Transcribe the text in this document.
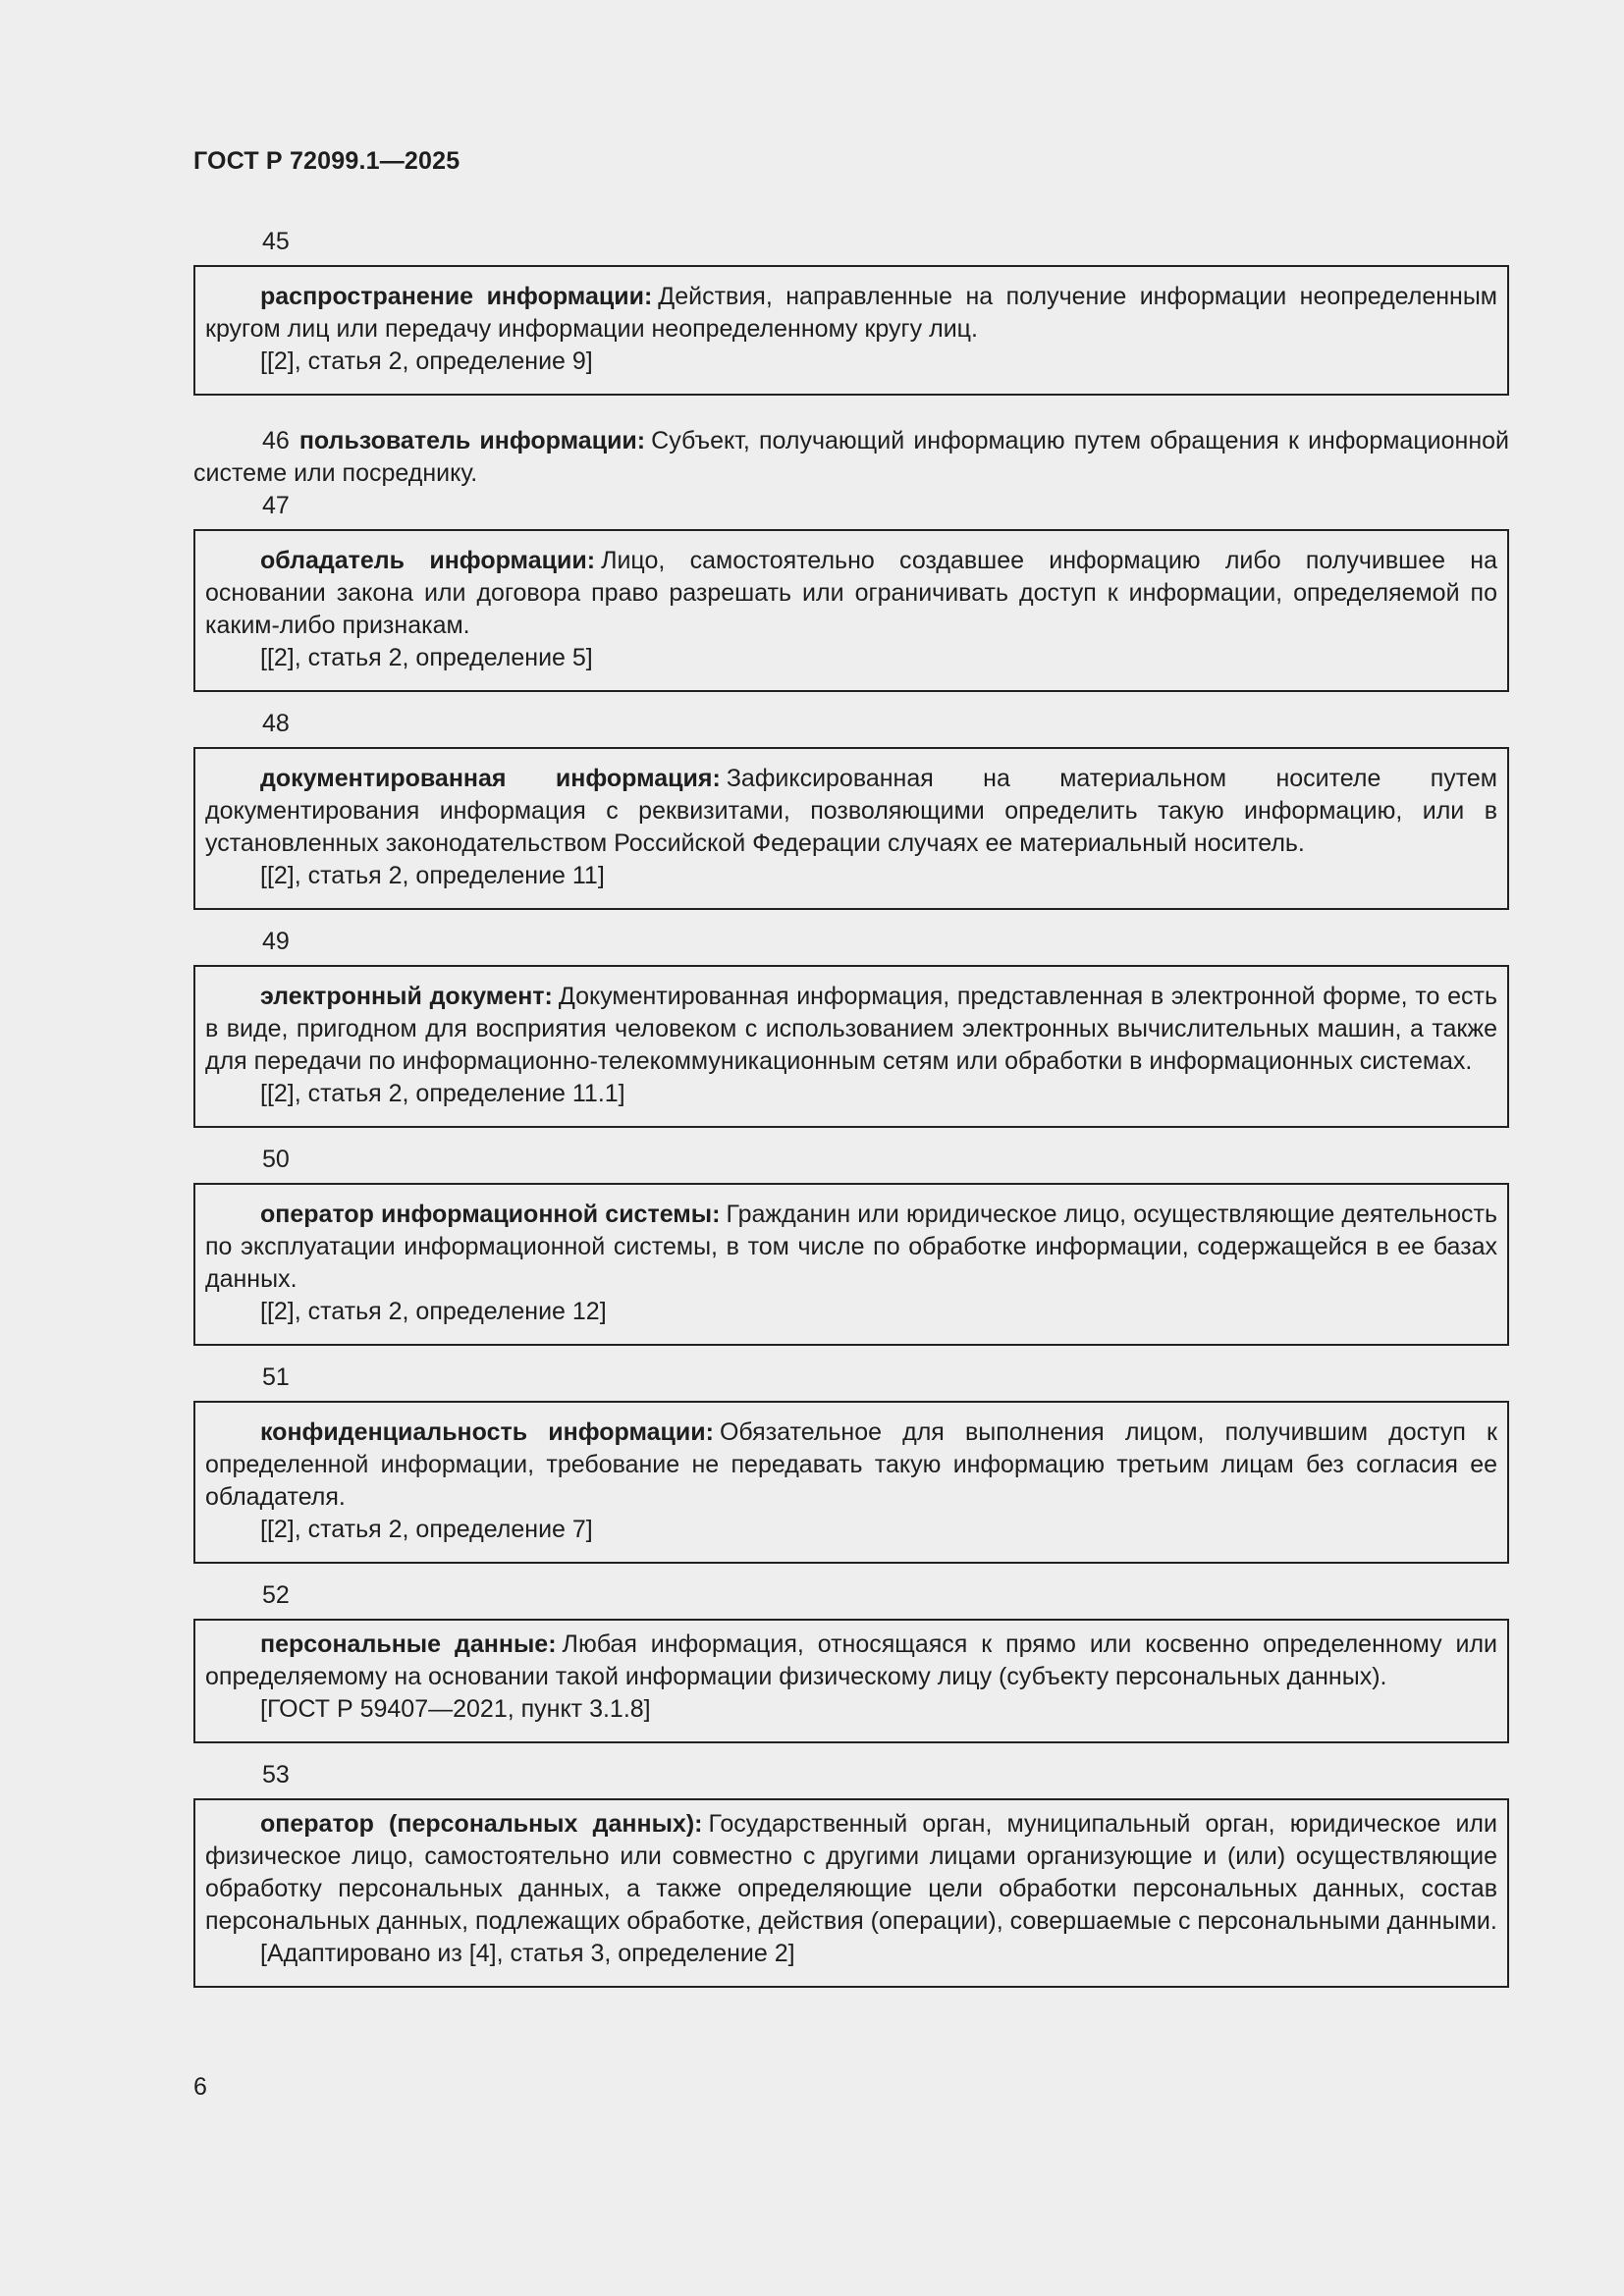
ГОСТ Р 72099.1—2025
45

распространение информации: Действия, направленные на получение информации неопределенным кругом лиц или передачу информации неопределенному кругу лиц.

[[2], статья 2, определение 9]

46 пользователь информации: Субъект, получающий информацию путем обращения к информационной системе или посреднику.

47

обладатель информации: Лицо, самостоятельно создавшее информацию либо получившее на основании закона или договора право разрешать или ограничивать доступ к информации, определяемой по каким-либо признакам.

[[2], статья 2, определение 5]

48

документированная информация: Зафиксированная на материальном носителе путем документирования информация с реквизитами, позволяющими определить такую информацию, или в установленных законодательством Российской Федерации случаях ее материальный носитель.

[[2], статья 2, определение 11]

49

электронный документ: Документированная информация, представленная в электронной форме, то есть в виде, пригодном для восприятия человеком с использованием электронных вычислительных машин, а также для передачи по информационно-телекоммуникационным сетям или обработки в информационных системах.

[[2], статья 2, определение 11.1]

50

оператор информационной системы: Гражданин или юридическое лицо, осуществляющие деятельность по эксплуатации информационной системы, в том числе по обработке информации, содержащейся в ее базах данных.

[[2], статья 2, определение 12]

51

конфиденциальность информации: Обязательное для выполнения лицом, получившим доступ к определенной информации, требование не передавать такую информацию третьим лицам без согласия ее обладателя.

[[2], статья 2, определение 7]

52

персональные данные: Любая информация, относящаяся к прямо или косвенно определенному или определяемому на основании такой информации физическому лицу (субъекту персональных данных).

[ГОСТ Р 59407—2021, пункт 3.1.8]

53

оператор (персональных данных): Государственный орган, муниципальный орган, юридическое или физическое лицо, самостоятельно или совместно с другими лицами организующие и (или) осуществляющие обработку персональных данных, а также определяющие цели обработки персональных данных, состав персональных данных, подлежащих обработке, действия (операции), совершаемые с персональными данными.

[Адаптировано из [4], статья 3, определение 2]

6
